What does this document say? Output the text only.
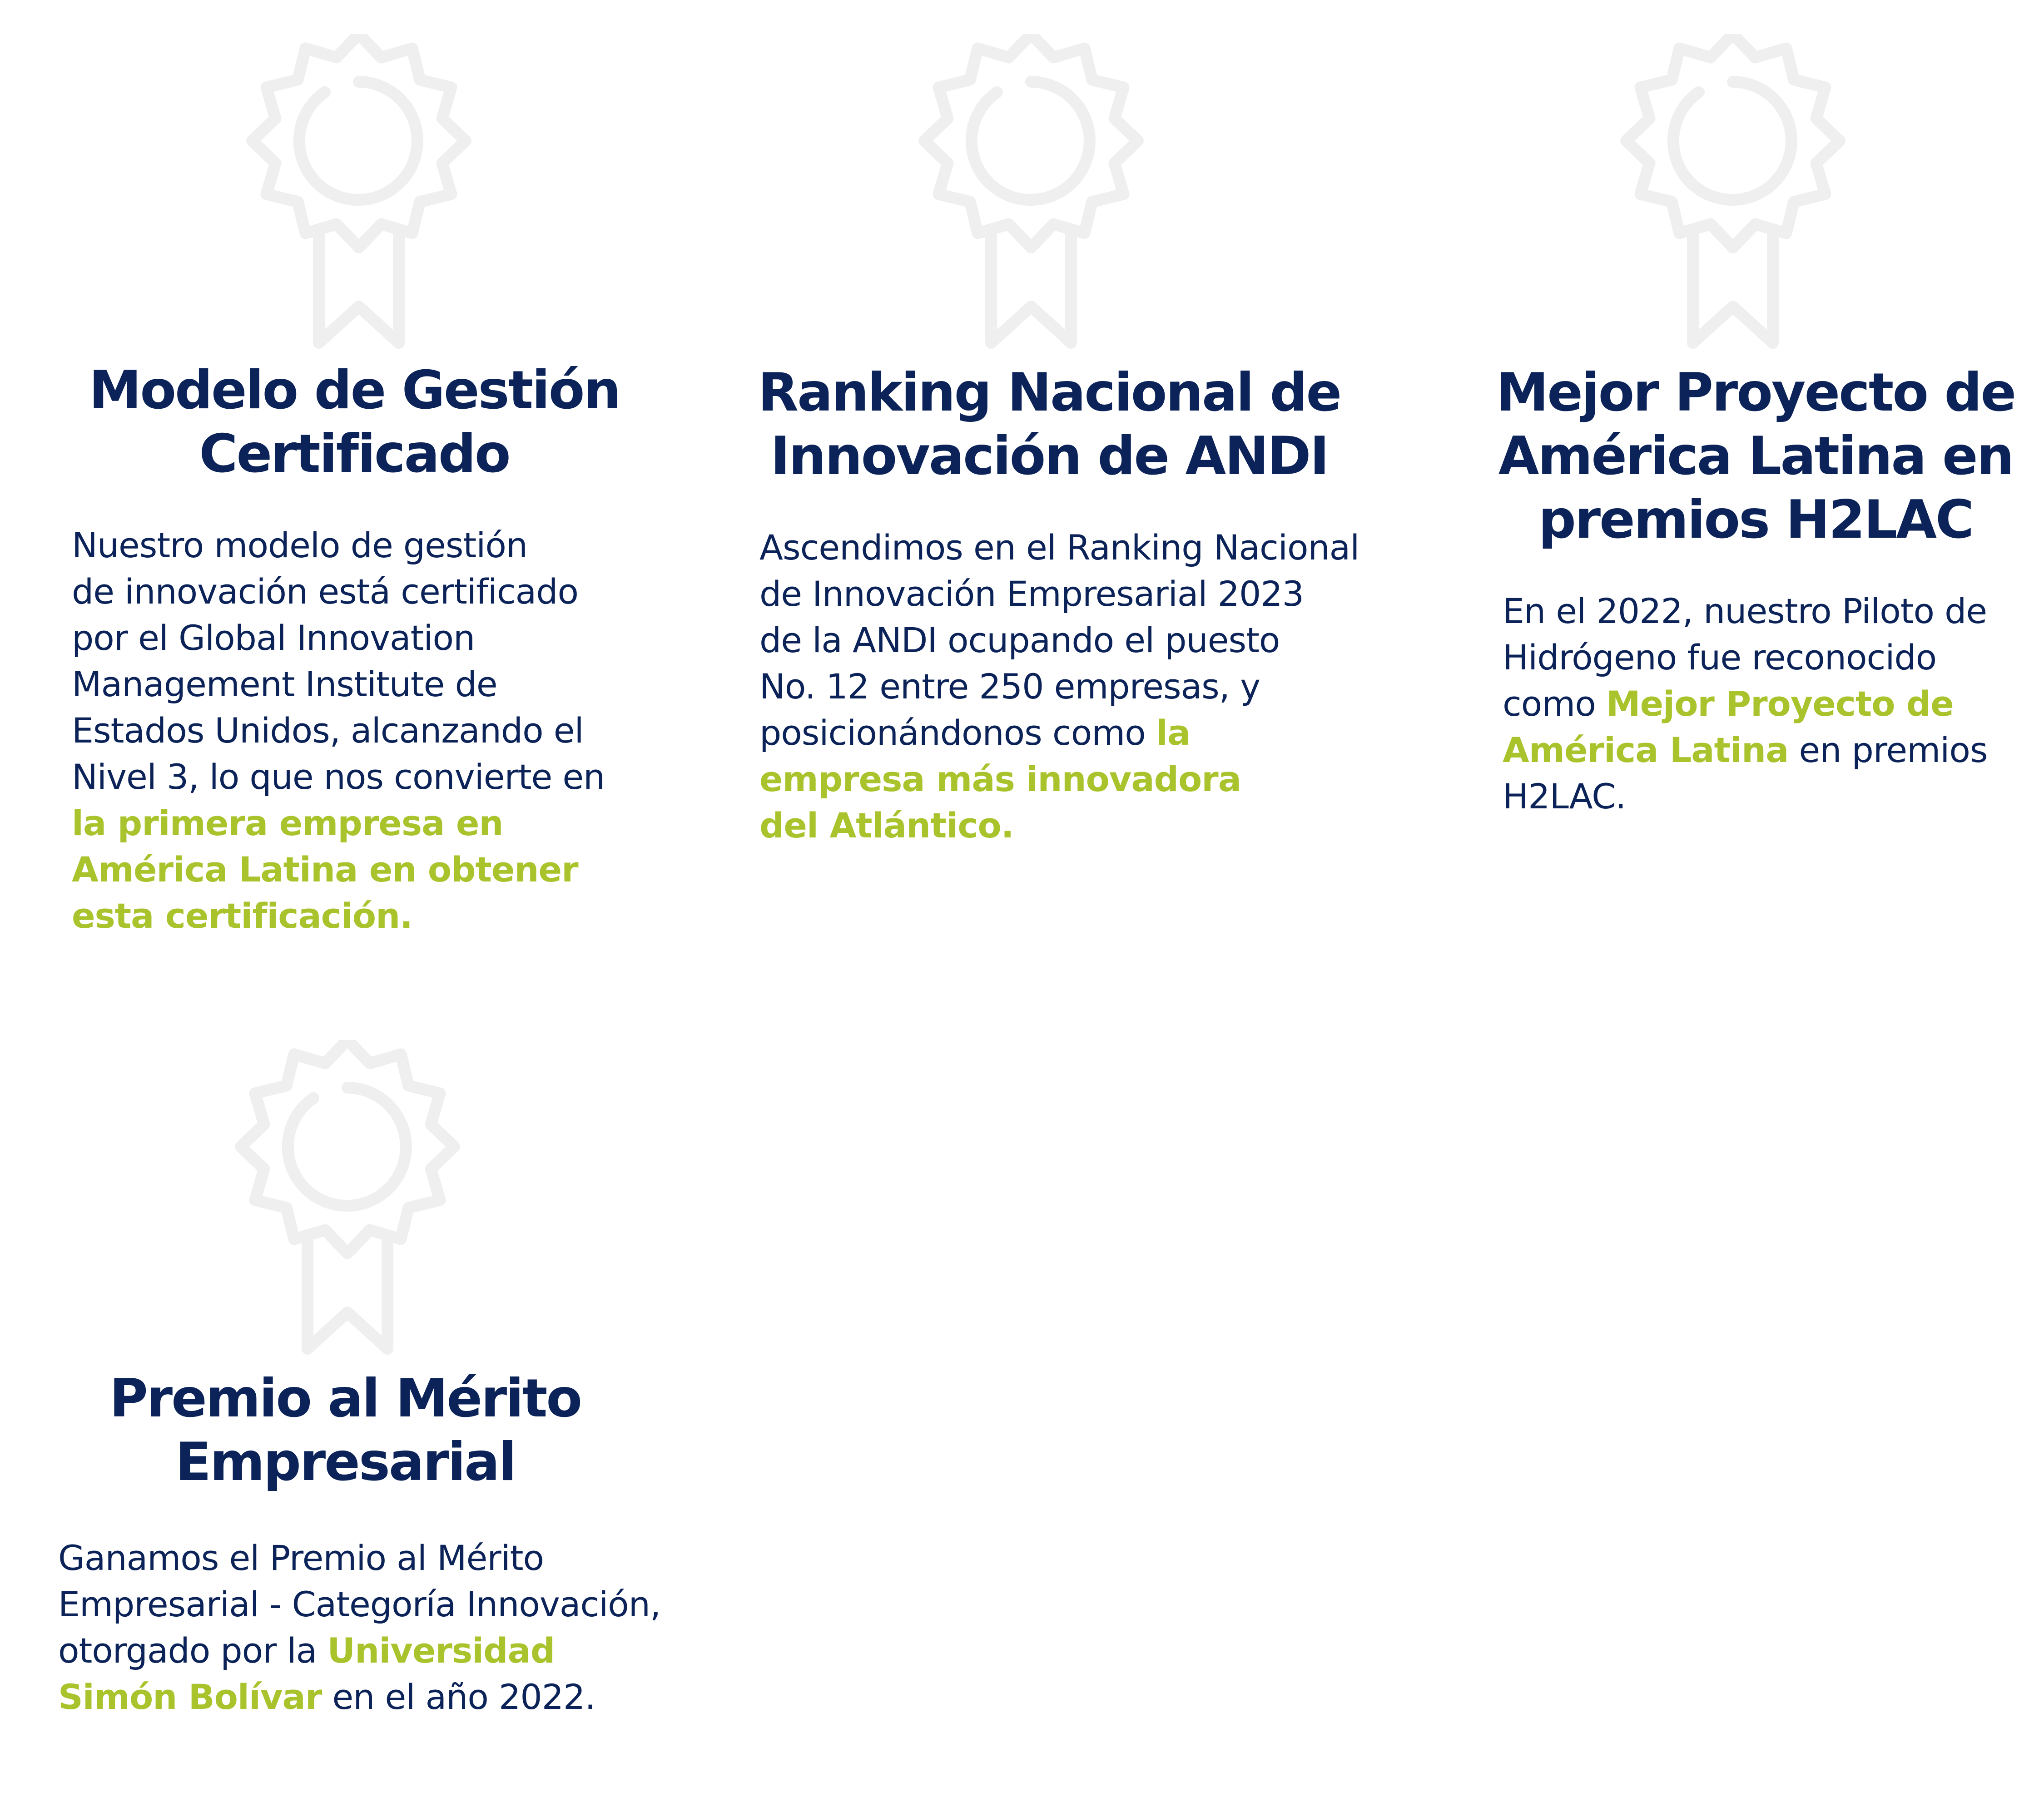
Modelo de Gestión
Certificado
Nuestro modelo de gestión
de innovación está certificado
por el Global Innovation
Management Institute de
Estados Unidos, alcanzando el
Nivel 3, lo que nos convierte en
la primera empresa en
América Latina en obtener
esta certificación.
Ranking Nacional de
Innovación de ANDI
Ascendimos en el Ranking Nacional
de Innovación Empresarial 2023
de la ANDI ocupando el puesto
No. 12 entre 250 empresas, y
posicionándonos como la
empresa más innovadora
del Atlántico.
Mejor Proyecto de
América Latina en
premios H2LAC
En el 2022, nuestro Piloto de
Hidrógeno fue reconocido
como Mejor Proyecto de
América Latina en premios
H2LAC.
Premio al Mérito
Empresarial
Ganamos el Premio al Mérito
Empresarial - Categoría Innovación,
otorgado por la Universidad
Simón Bolívar en el año 2022.
